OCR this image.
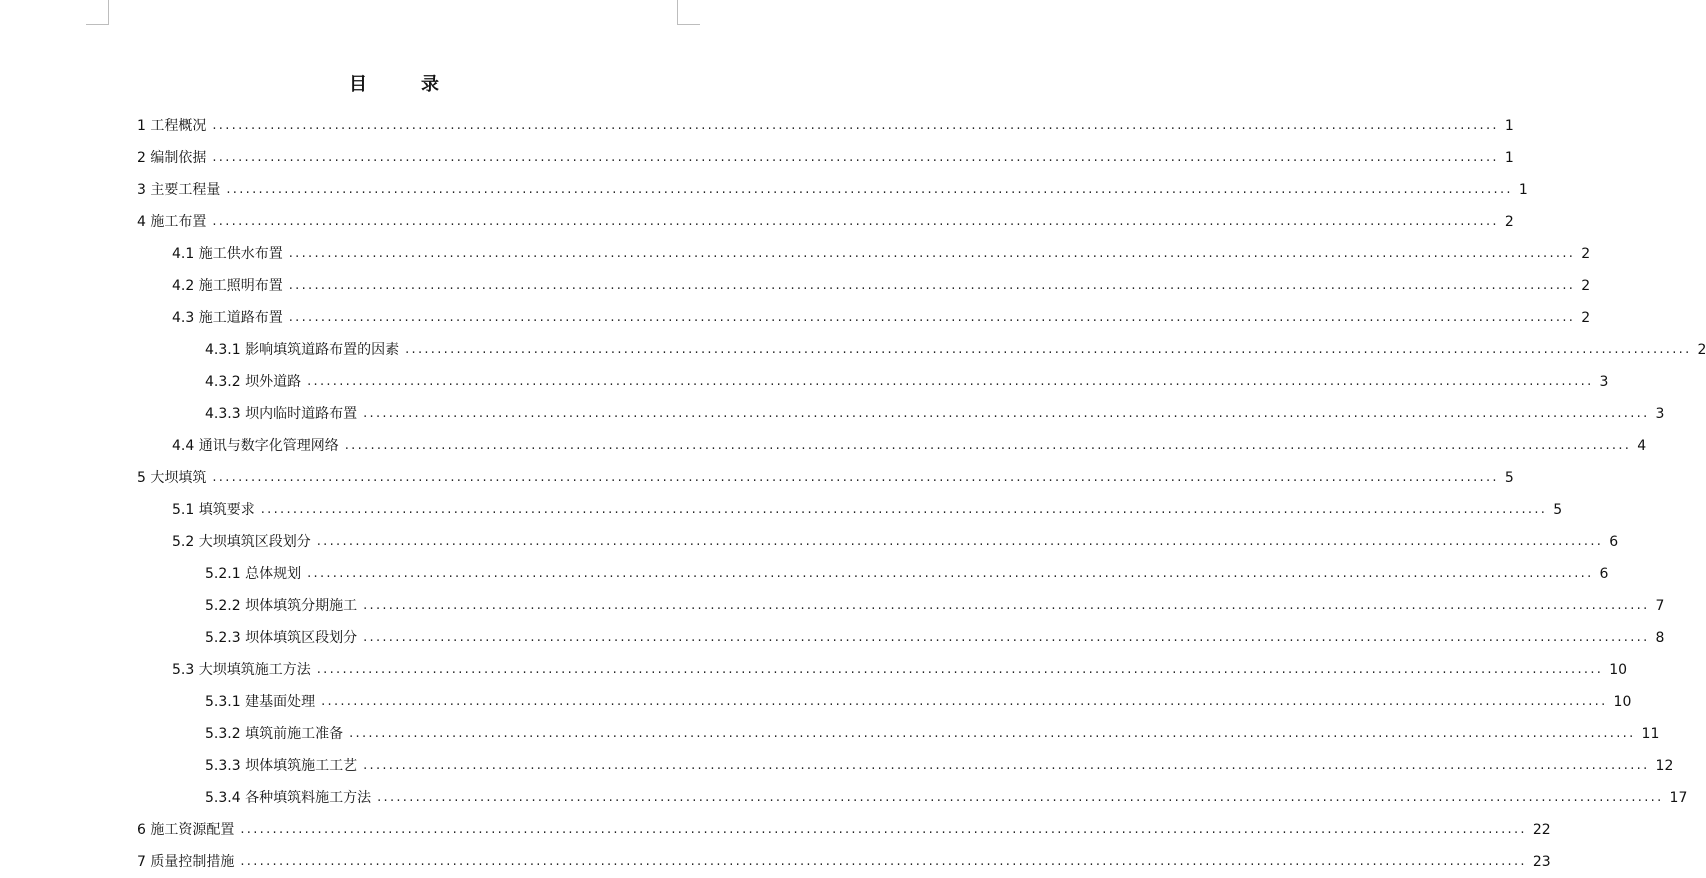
目　录
1 工程概况 ........................................................................................................................................................................................................ 1
2 编制依据 ........................................................................................................................................................................................................ 1
3 主要工程量 ........................................................................................................................................................................................................ 1
4 施工布置 ........................................................................................................................................................................................................ 2
4.1 施工供水布置 ........................................................................................................................................................................................................ 2
4.2 施工照明布置 ........................................................................................................................................................................................................ 2
4.3 施工道路布置 ........................................................................................................................................................................................................ 2
4.3.1 影响填筑道路布置的因素 ........................................................................................................................................................................................................ 2
4.3.2 坝外道路 ........................................................................................................................................................................................................ 3
4.3.3 坝内临时道路布置 ........................................................................................................................................................................................................ 3
4.4 通讯与数字化管理网络 ........................................................................................................................................................................................................ 4
5 大坝填筑 ........................................................................................................................................................................................................ 5
5.1 填筑要求 ........................................................................................................................................................................................................ 5
5.2 大坝填筑区段划分 ........................................................................................................................................................................................................ 6
5.2.1 总体规划 ........................................................................................................................................................................................................ 6
5.2.2 坝体填筑分期施工 ........................................................................................................................................................................................................ 7
5.2.3 坝体填筑区段划分 ........................................................................................................................................................................................................ 8
5.3 大坝填筑施工方法 ........................................................................................................................................................................................................ 10
5.3.1 建基面处理 ........................................................................................................................................................................................................ 10
5.3.2 填筑前施工准备 ........................................................................................................................................................................................................ 11
5.3.3 坝体填筑施工工艺 ........................................................................................................................................................................................................ 12
5.3.4 各种填筑料施工方法 ........................................................................................................................................................................................................ 17
6 施工资源配置 ........................................................................................................................................................................................................ 22
7 质量控制措施 ........................................................................................................................................................................................................ 23
